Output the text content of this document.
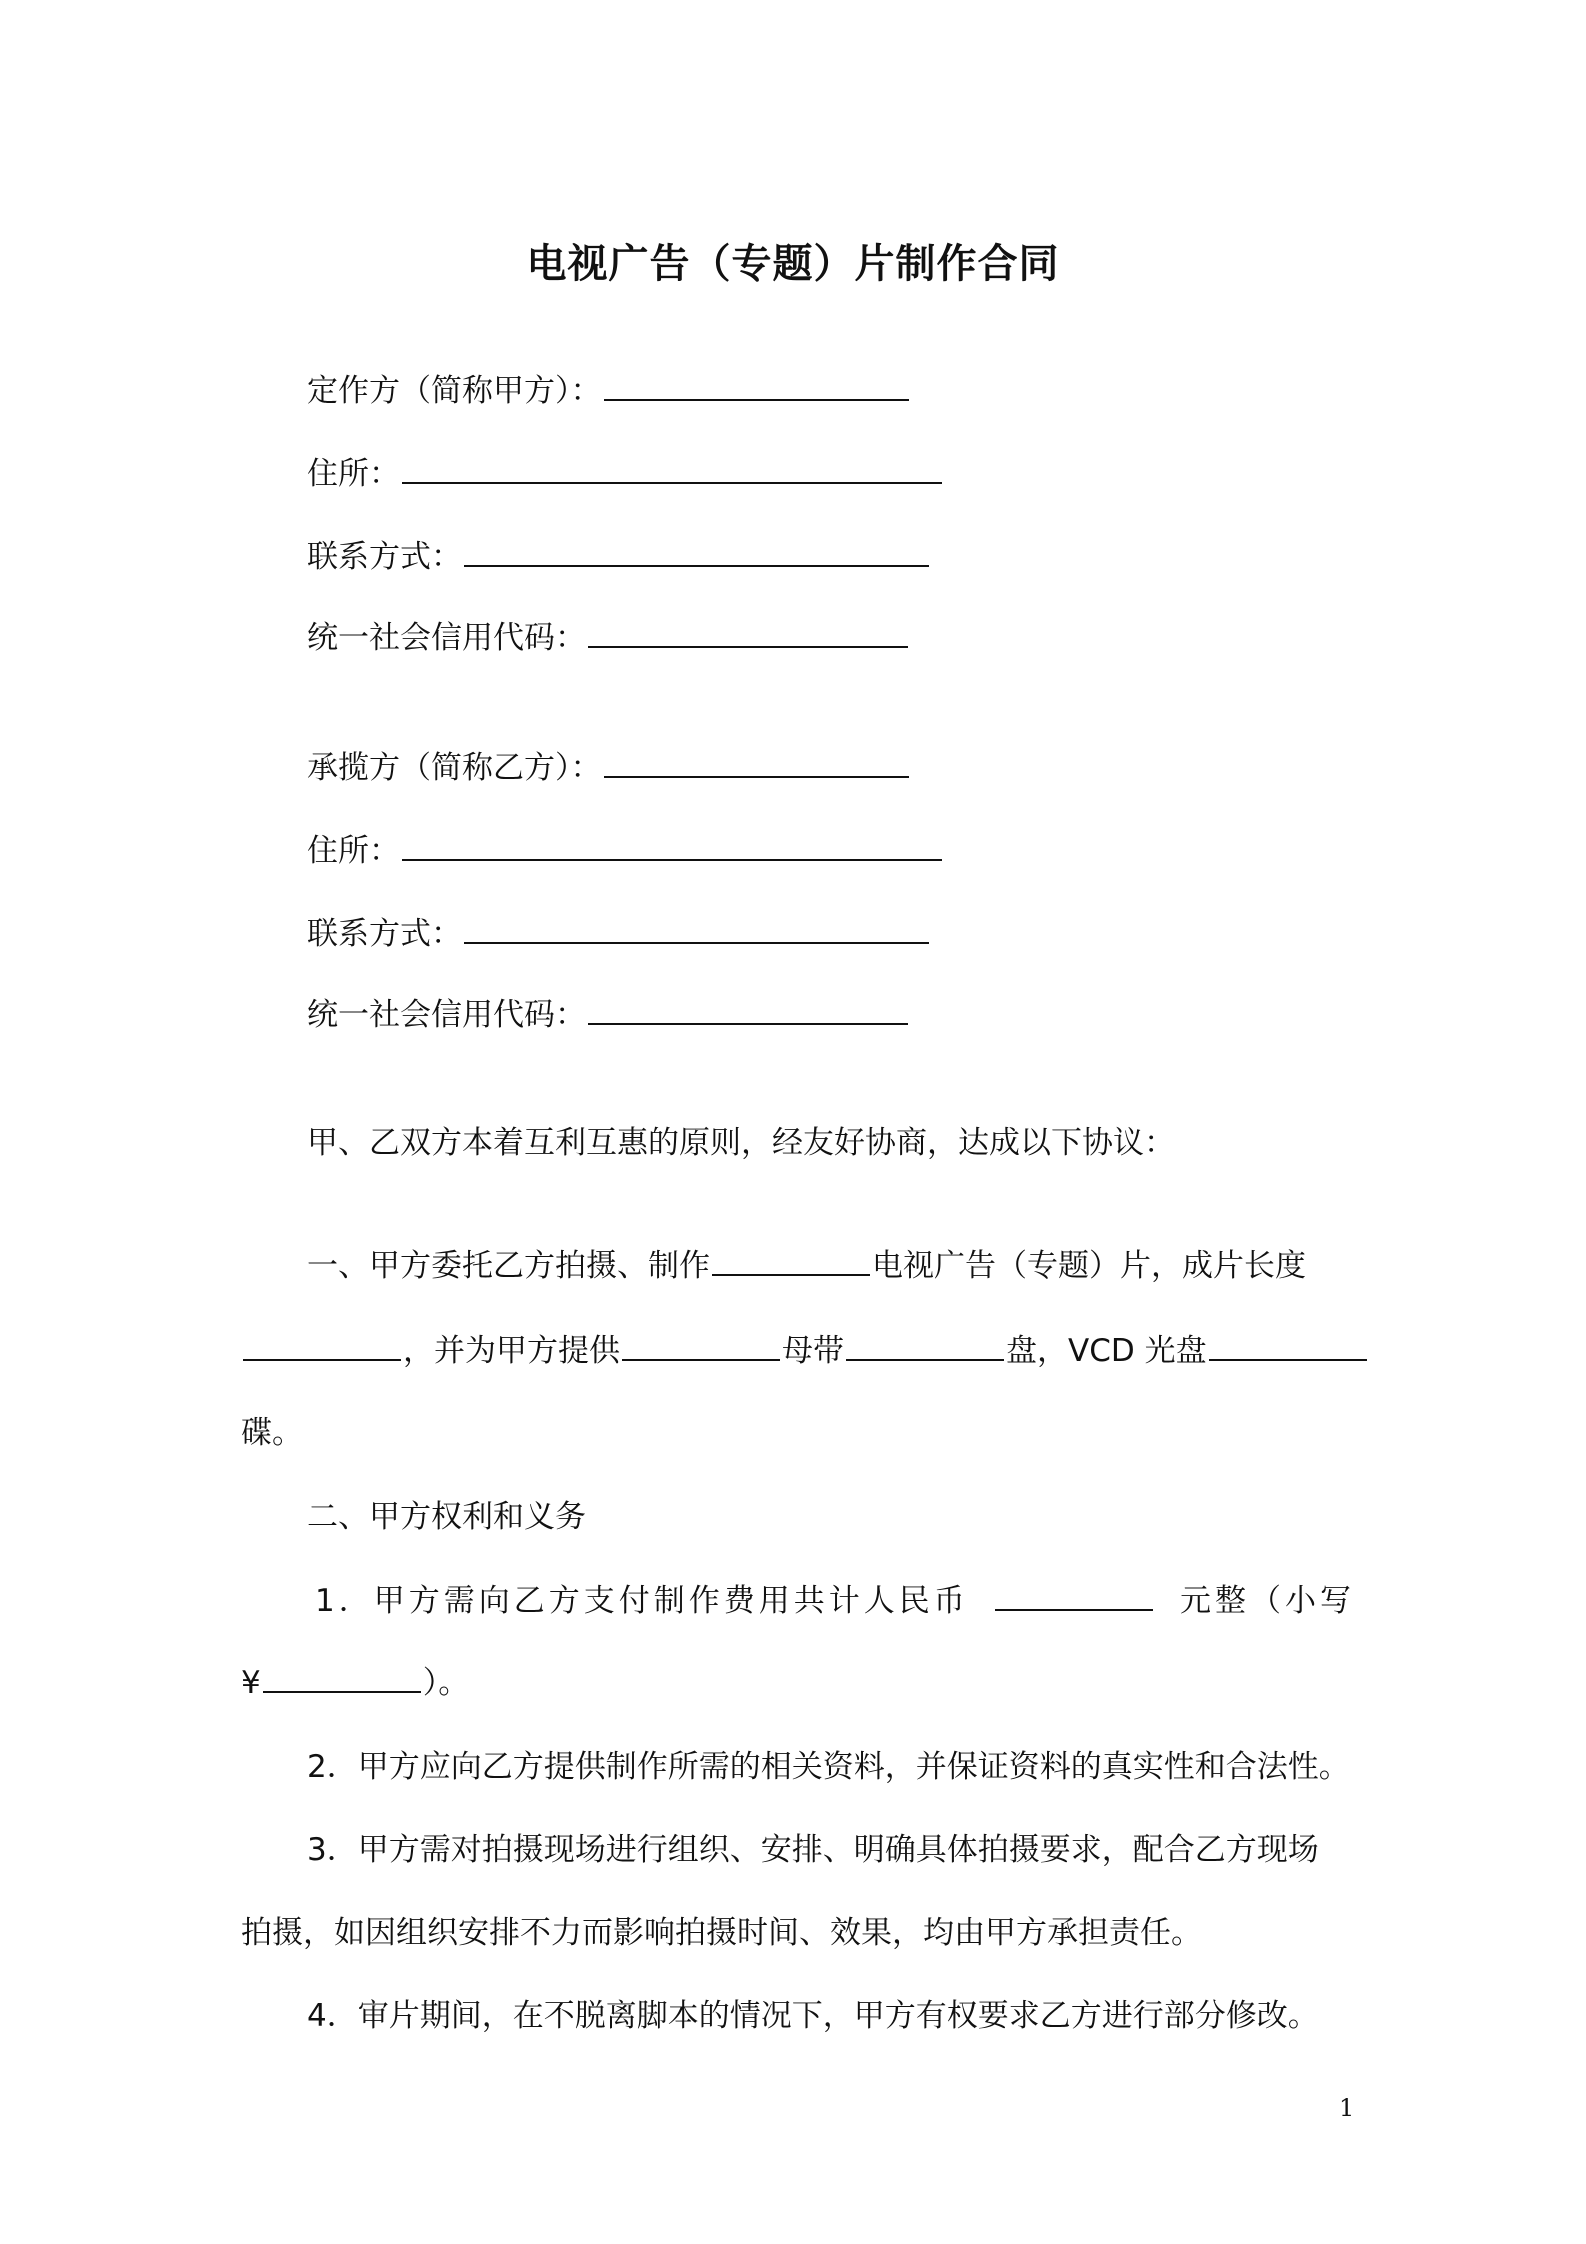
电视广告（专题）片制作合同
定作方（简称甲方）：
住所：
联系方式：
统一社会信用代码：
承揽方（简称乙方）：
住所：
联系方式：
统一社会信用代码：
甲、乙双方本着互利互惠的原则，经友好协商，达成以下协议：
一、甲方委托乙方拍摄、制作	电视广告（专题）片，成片长度
，并为甲方提供	母带	盘，VCD 光盘
碟。
二、甲方权利和义务
1．甲方需向乙方支付制作费用共计人民币	元整（小写
¥	）。
2．甲方应向乙方提供制作所需的相关资料，并保证资料的真实性和合法性。
3．甲方需对拍摄现场进行组织、安排、明确具体拍摄要求，配合乙方现场
拍摄，如因组织安排不力而影响拍摄时间、效果，均由甲方承担责任。
4．审片期间，在不脱离脚本的情况下，甲方有权要求乙方进行部分修改。
1
